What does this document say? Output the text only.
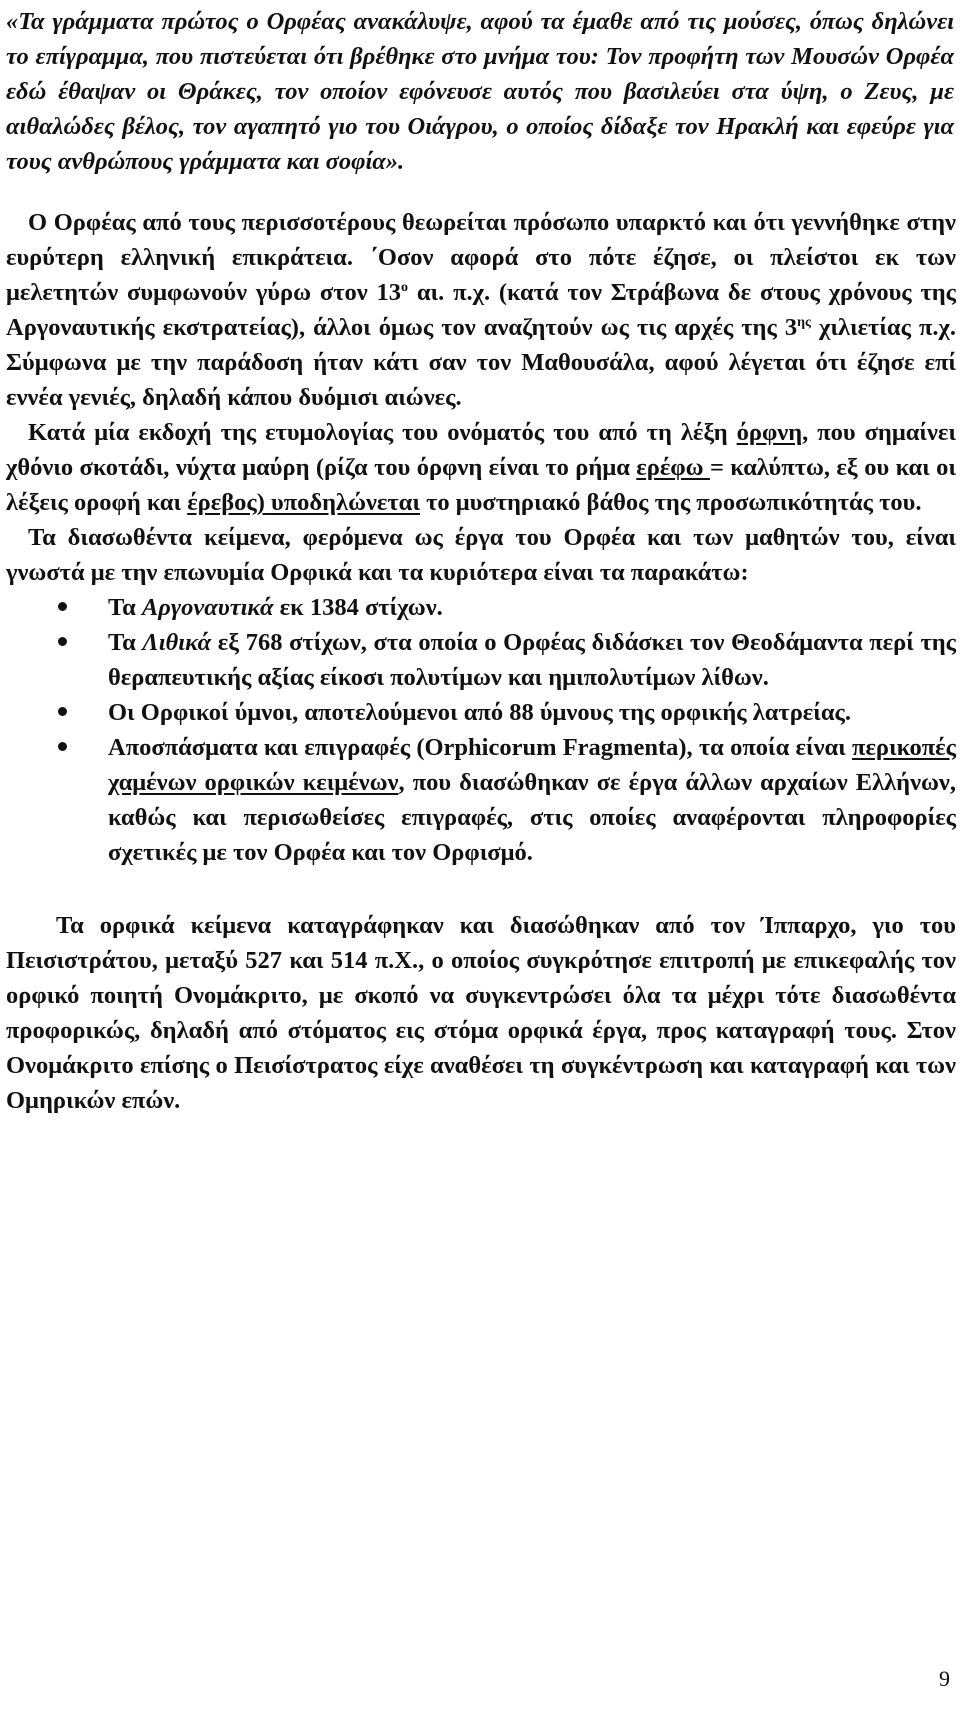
«Τα γράμματα πρώτος ο Ορφέας ανακάλυψε, αφού τα έμαθε από τις μούσες, όπως δηλώνει το επίγραμμα, που πιστεύεται ότι βρέθηκε στο μνήμα του: Τον προφήτη των Μουσών Ορφέα εδώ έθαψαν οι Θράκες, τον οποίον εφόνευσε αυτός που βασιλεύει στα ύψη, ο Ζευς, με αιθαλώδες βέλος, τον αγαπητό γιο του Οιάγρου, ο οποίος δίδαξε τον Ηρακλή και εφεύρε για τους ανθρώπους γράμματα και σοφία».

Ο Ορφέας από τους περισσοτέρους θεωρείται πρόσωπο υπαρκτό και ότι γεννήθηκε στην ευρύτερη ελληνική επικράτεια. ΄Οσον αφορά στο πότε έζησε, οι πλείστοι εκ των μελετητών συμφωνούν γύρω στον $13^o$ αι. π.χ. (κατά τον Στράβωνα δε στους χρόνους της Αργοναυτικής εκστρατείας), άλλοι όμως τον αναζητούν ως τις αρχές της $3^{\eta\varsigma}$ χιλιετίας π.χ. Σύμφωνα με την παράδοση ήταν κάτι σαν τον Μαθουσάλα, αφού λέγεται ότι έζησε επί εννέα γενιές, δηλαδή κάπου δυόμισι αιώνες.

Κατά μία εκδοχή της ετυμολογίας του ονόματός του από τη λέξη όρφνη, που σημαίνει χθόνιο σκοτάδι, νύχτα μαύρη (ρίζα του όρφνη είναι το ρήμα ερέφω = καλύπτω, εξ ου και οι λέξεις οροφή και έρεβος) υποδηλώνεται το μυστηριακό βάθος της προσωπικότητάς του.

Τα διασωθέντα κείμενα, φερόμενα ως έργα του Ορφέα και των μαθητών του, είναι γνωστά με την επωνυμία Ορφικά και τα κυριότερα είναι τα παρακάτω:

Τα Αργοναυτικά εκ 1384 στίχων.
Τα Λιθικά εξ 768 στίχων, στα οποία ο Ορφέας διδάσκει τον Θεοδάμαντα περί της θεραπευτικής αξίας είκοσι πολυτίμων και ημιπολυτίμων λίθων.
Οι Ορφικοί ύμνοι, αποτελούμενοι από 88 ύμνους της ορφικής λατρείας.
Αποσπάσματα και επιγραφές (Orphicorum Fragmenta), τα οποία είναι περικοπές χαμένων ορφικών κειμένων, που διασώθηκαν σε έργα άλλων αρχαίων Ελλήνων, καθώς και περισωθείσες επιγραφές, στις οποίες αναφέρονται πληροφορίες σχετικές με τον Ορφέα και τον Ορφισμό.

Τα ορφικά κείμενα καταγράφηκαν και διασώθηκαν από τον Ίππαρχο, γιο του Πεισιστράτου, μεταξύ 527 και 514 π.Χ., ο οποίος συγκρότησε επιτροπή με επικεφαλής τον ορφικό ποιητή Ονομάκριτο, με σκοπό να συγκεντρώσει όλα τα μέχρι τότε διασωθέντα προφορικώς, δηλαδή από στόματος εις στόμα ορφικά έργα, προς καταγραφή τους. Στον Ονομάκριτο επίσης ο Πεισίστρατος είχε αναθέσει τη συγκέντρωση και καταγραφή και των Ομηρικών επών.

9
